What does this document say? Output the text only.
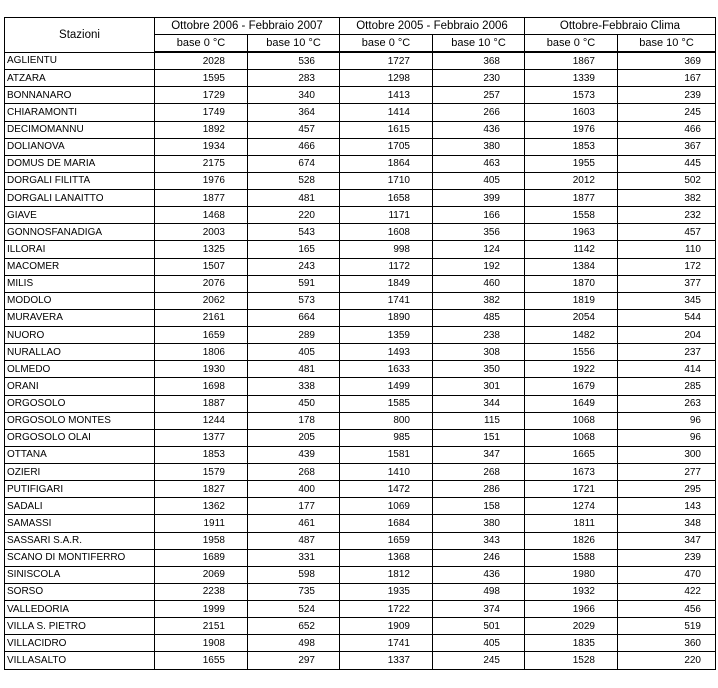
Stazioni	Ottobre 2006 - Febbraio 2007		Ottobre 2005 - Febbraio 2006		Ottobre-Febbraio Clima	
	base 0 °C	base 10 °C	base 0 °C	base 10 °C	base 0 °C	base 10 °C
AGLIENTU	2028	536	1727	368	1867	369
ATZARA	1595	283	1298	230	1339	167
BONNANARO	1729	340	1413	257	1573	239
CHIARAMONTI	1749	364	1414	266	1603	245
DECIMOMANNU	1892	457	1615	436	1976	466
DOLIANOVA	1934	466	1705	380	1853	367
DOMUS DE MARIA	2175	674	1864	463	1955	445
DORGALI FILITTA	1976	528	1710	405	2012	502
DORGALI LANAITTO	1877	481	1658	399	1877	382
GIAVE	1468	220	1171	166	1558	232
GONNOSFANADIGA	2003	543	1608	356	1963	457
ILLORAI	1325	165	998	124	1142	110
MACOMER	1507	243	1172	192	1384	172
MILIS	2076	591	1849	460	1870	377
MODOLO	2062	573	1741	382	1819	345
MURAVERA	2161	664	1890	485	2054	544
NUORO	1659	289	1359	238	1482	204
NURALLAO	1806	405	1493	308	1556	237
OLMEDO	1930	481	1633	350	1922	414
ORANI	1698	338	1499	301	1679	285
ORGOSOLO	1887	450	1585	344	1649	263
ORGOSOLO MONTES	1244	178	800	115	1068	96
ORGOSOLO OLAI	1377	205	985	151	1068	96
OTTANA	1853	439	1581	347	1665	300
OZIERI	1579	268	1410	268	1673	277
PUTIFIGARI	1827	400	1472	286	1721	295
SADALI	1362	177	1069	158	1274	143
SAMASSI	1911	461	1684	380	1811	348
SASSARI S.A.R.	1958	487	1659	343	1826	347
SCANO DI MONTIFERRO	1689	331	1368	246	1588	239
SINISCOLA	2069	598	1812	436	1980	470
SORSO	2238	735	1935	498	1932	422
VALLEDORIA	1999	524	1722	374	1966	456
VILLA S. PIETRO	2151	652	1909	501	2029	519
VILLACIDRO	1908	498	1741	405	1835	360
VILLASALTO	1655	297	1337	245	1528	220
